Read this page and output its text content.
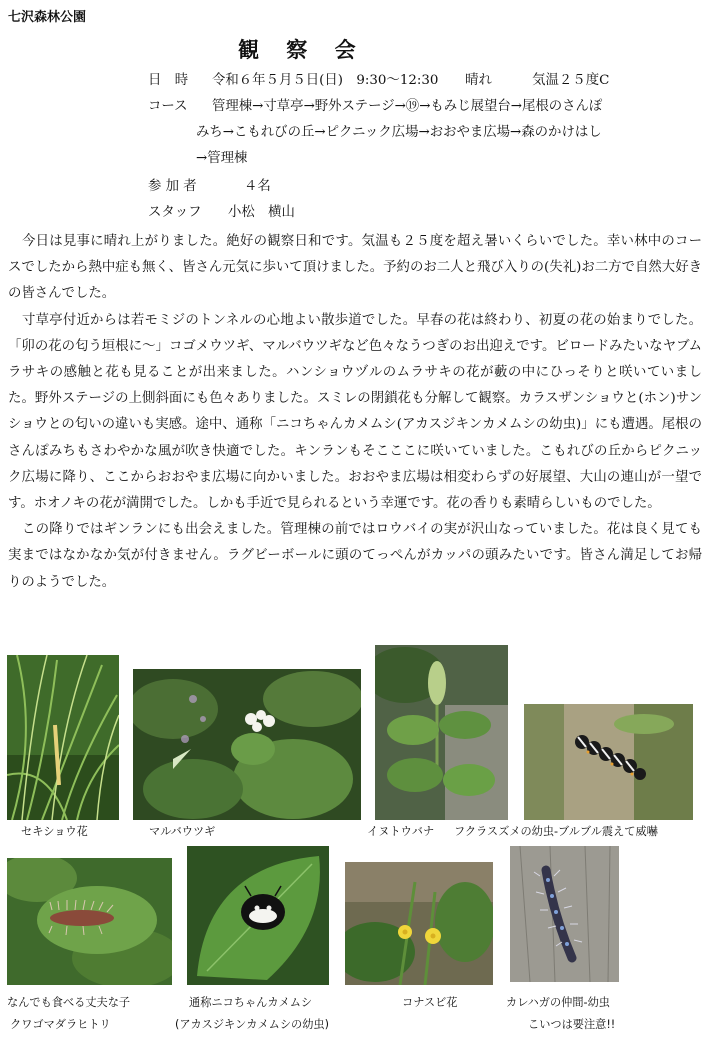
七沢森林公園
観 察 会
日　時 令和６年５月５日(日)　9:30～12:30　　晴れ　　　気温２５度C
コース 管理棟→寸草亭→野外ステージ→⑲→もみじ展望台→尾根のさんぽ
みち→こもれびの丘→ピクニック広場→おおやま広場→森のかけはし
→管理棟
参 加 者	４名
スタッフ 小松　横山

今日は見事に晴れ上がりました。絶好の観察日和です。気温も２５度を超え暑いくらいでした。幸い林中のコースでしたから熱中症も無く、皆さん元気に歩いて頂けました。予約のお二人と飛び入りの(失礼)お二方で自然大好きの皆さんでした。

寸草亭付近からは若モミジのトンネルの心地よい散歩道でした。早春の花は終わり、初夏の花の始まりでした。「卯の花の匂う垣根に～」コゴメウツギ、マルバウツギなど色々なうつぎのお出迎えです。ビロードみたいなヤブムラサキの感触と花も見ることが出来ました。ハンショウヅルのムラサキの花が藪の中にひっそりと咲いていました。野外ステージの上側斜面にも色々ありました。スミレの閉鎖花も分解して観察。カラスザンショウと(ホン)サンショウとの匂いの違いも実感。途中、通称「ニコちゃんカメムシ(アカスジキンカメムシの幼虫)」にも遭遇。尾根のさんぽみちもさわやかな風が吹き快適でした。キンランもそこここに咲いていました。こもれびの丘からピクニック広場に降り、ここからおおやま広場に向かいました。おおやま広場は相変わらずの好展望、大山の連山が一望です。ホオノキの花が満開でした。しかも手近で見られるという幸運です。花の香りも素晴らしいものでした。

この降りではギンランにも出会えました。管理棟の前ではロウバイの実が沢山なっていました。花は良く見ても実まではなかなか気が付きません。ラグビーボールに頭のてっぺんがカッパの頭みたいです。皆さん満足してお帰りのようでした。

セキショウ花	マルバウツギ	イヌトウバナ フクラスズメの幼虫-ブルブル震えて威嚇
なんでも食べる丈夫な子
クワゴマダラヒトリ
通称ニコちゃんカメムシ
(アカスジキンカメムシの幼虫)
コナスビ花	カレハガの仲間-幼虫
こいつは要注意!!
